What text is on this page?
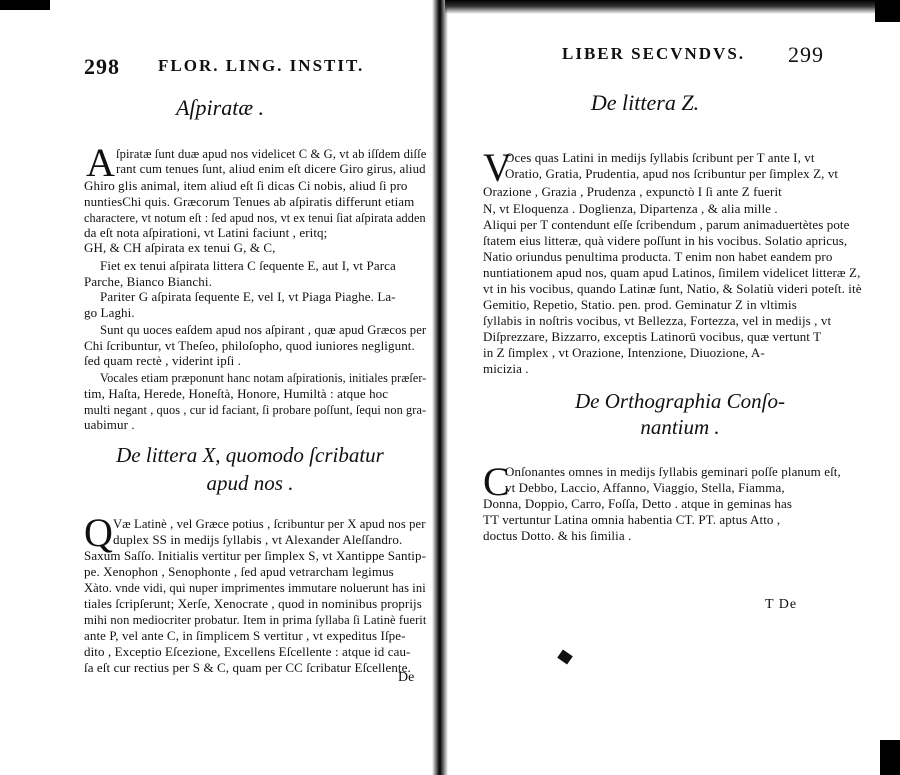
298 FLOR. LING. INSTIT.
Aſpiratæ .
A ſpiratæ ſunt duæ apud nos videlicet C & G, vt ab iſſdem diſſe
rant cum tenues ſunt, aliud enim eſt dicere Giro girus, aliud
Ghiro glis animal, item aliud eſt ſi dicas Ci nobis, aliud ſi pro
nuntiesChi quis. Græcorum Tenues ab aſpiratis differunt etiam
charactere, vt notum eſt : ſed apud nos, vt ex tenui ſiat aſpirata adden
da eſt nota aſpirationi, vt Latini faciunt , eritq;
GH, & CH aſpirata ex tenui G, & C,
Fiet ex tenui aſpirata littera C ſequente E, aut I, vt Parca
Parche, Bianco Bianchi.
Pariter G aſpirata ſequente E, vel I, vt Piaga Piaghe. La-
go Laghi.
Sunt qu uoces eaſdem apud nos aſpirant , quæ apud Græcos per
Chi ſcribuntur, vt Theſeo, philoſopho, quod iuniores negligunt.
ſed quam rectè , viderint ipſi .
Vocales etiam præponunt hanc notam aſpirationis, initiales præſer-
tim, Haſta, Herede, Honeſtà, Honore, Humiltà : atque hoc
multi negant , quos , cur id faciant, ſi probare poſſunt, ſequi non gra-
uabimur .
De littera X, quomodo ſcribatur
apud nos .
Q Væ Latinè , vel Græce potius , ſcribuntur per X apud nos per
duplex SS in medijs ſyllabis , vt Alexander Aleſſandro.
Saxum Saſſo. Initialis vertitur per ſimplex S, vt Xantippe Santip-
pe. Xenophon , Senophonte , ſed apud vetrarcham legimus
Xàto. vnde vidi, qui nuper imprimentes immutare noluerunt has ini
tiales ſcripſerunt; Xerſe, Xenocrate , quod in nominibus proprijs
mihi non mediocriter probatur. Item in prima ſyllaba ſi Latinè fuerit
ante P, vel ante C, in ſimplicem S vertitur , vt expeditus Iſpe-
dito , Exceptio Eſcezione, Excellens Eſcellente : atque id cau-
ſa eſt cur rectius per S & C, quam per CC ſcribatur Eſcellente.
De
LIBER SECVNDVS. 299
De littera Z.
V
Oces quas Latini in medijs ſyllabis ſcribunt per T ante I, vt
Oratio, Gratia, Prudentia, apud nos ſcribuntur per ſimplex Z, vt
Orazione , Grazia , Prudenza , expunctò I ſi ante Z fuerit
N, vt Eloquenza . Doglienza, Dipartenza , & alia mille .
Aliqui per T contendunt eſſe ſcribendum , parum animaduertètes pote
ſtatem eius litteræ, quà videre poſſunt in his vocibus. Solatio apricus,
Natio oriundus penultima producta. T enim non habet eandem pro
nuntiationem apud nos, quam apud Latinos, ſimilem videlicet litteræ Z,
vt in his vocibus, quando Latinæ ſunt, Natio, & Solatiù videri poteſt. itè
Gemitio, Repetio, Statio. pen. prod. Geminatur Z in vltimis
ſyllabis in noſtris vocibus, vt Bellezza, Fortezza, vel in medijs , vt
Diſprezzare, Bizzarro, exceptis Latinorū vocibus, quæ vertunt T
in Z ſimplex , vt Orazione, Intenzione, Diuozione, A-
micizia .
De Orthographia Conſo-
nantium .
C
Onſonantes omnes in medijs ſyllabis geminari poſſe planum eſt,
vt Debbo, Laccio, Affanno, Viaggio, Stella, Fiamma,
Donna, Doppio, Carro, Foſſa, Detto . atque in geminas has
TT vertuntur Latina omnia habentia CT. PT. aptus Atto ,
doctus Dotto. & his ſimilia .
T De
